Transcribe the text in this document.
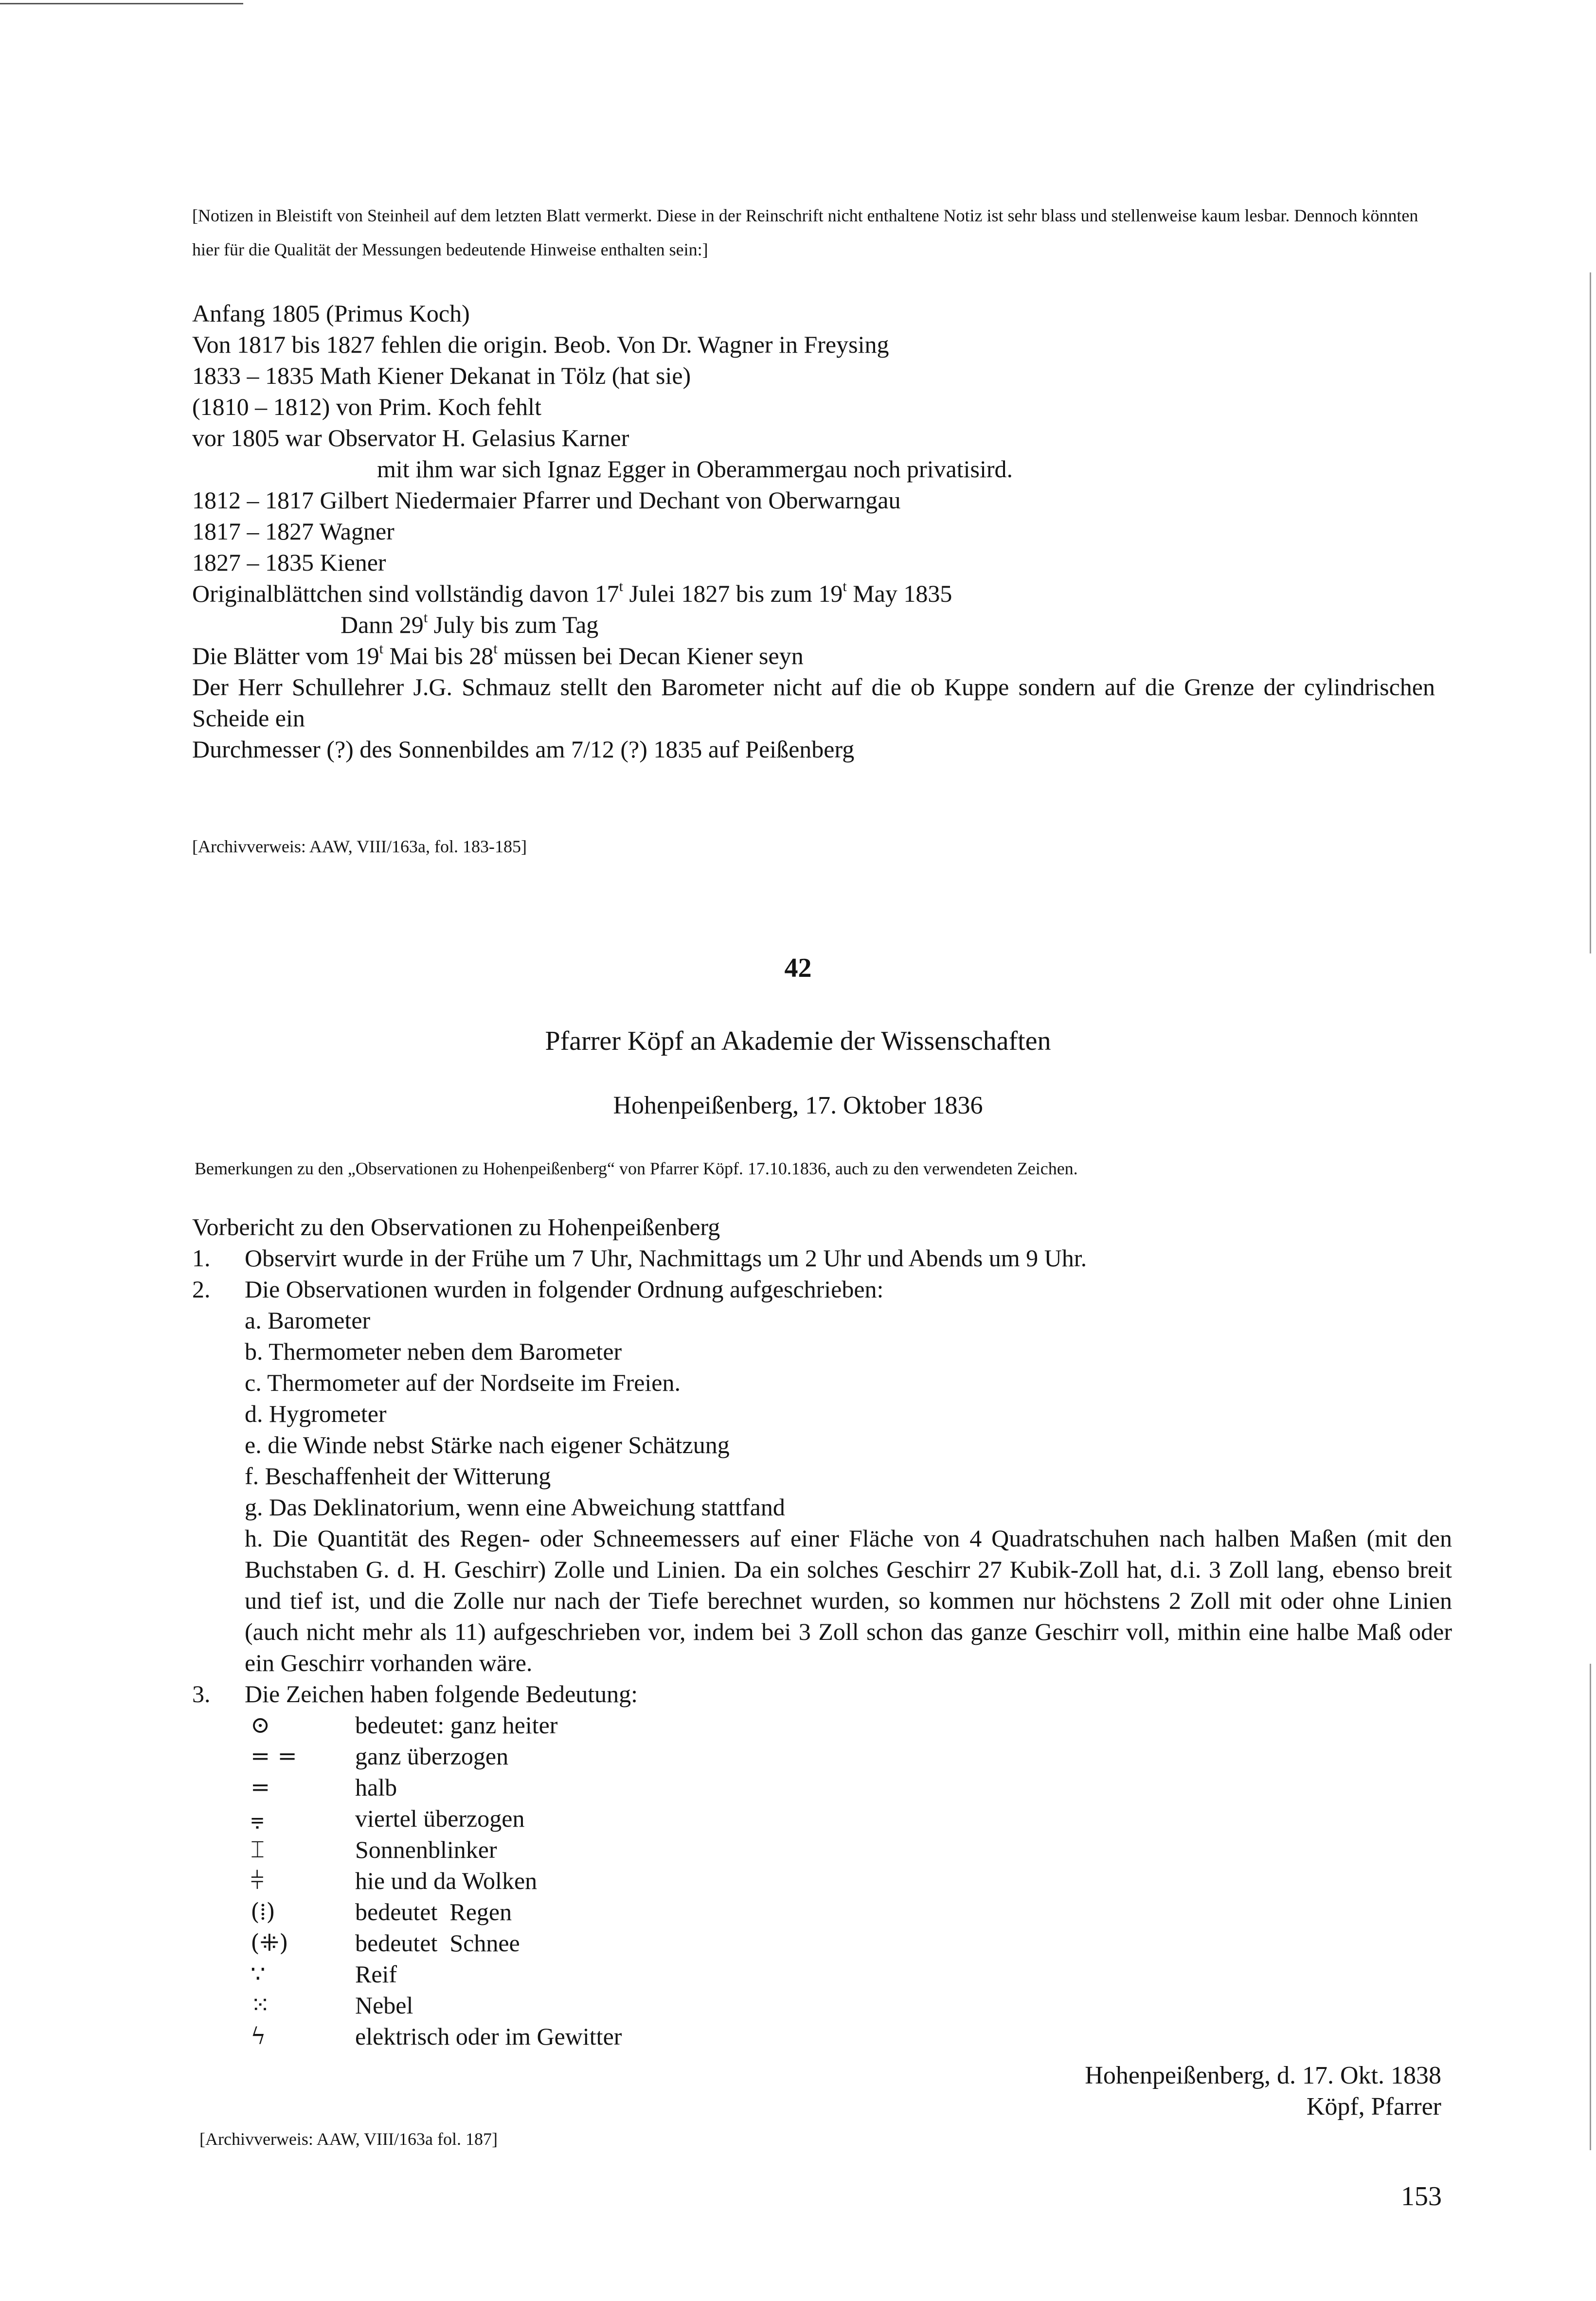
[Notizen in Bleistift von Steinheil auf dem letzten Blatt vermerkt. Diese in der Reinschrift nicht enthaltene Notiz ist sehr blass und stellenweise kaum lesbar. Dennoch könnten hier für die Qualität der Messungen bedeutende Hinweise enthalten sein:]
Anfang 1805 (Primus Koch)
Von 1817 bis 1827 fehlen die origin. Beob. Von Dr. Wagner in Freysing
1833 – 1835 Math Kiener Dekanat in Tölz (hat sie)
(1810 – 1812) von Prim. Koch fehlt
vor 1805 war Observator H. Gelasius Karner
mit ihm war sich Ignaz Egger in Oberammergau noch privatisird.
1812 – 1817 Gilbert Niedermaier Pfarrer und Dechant von Oberwarngau
1817 – 1827 Wagner
1827 – 1835 Kiener
Originalblättchen sind vollständig davon 17$^t$ Julei 1827 bis zum 19$^t$ May 1835
Dann 29$^t$ July bis zum Tag
Die Blätter vom 19$^t$ Mai bis 28$^t$ müssen bei Decan Kiener seyn
Der Herr Schullehrer J.G. Schmauz stellt den Barometer nicht auf die ob Kuppe sondern auf die Grenze der cylindrischen Scheide ein
Durchmesser (?) des Sonnenbildes am 7/12 (?) 1835 auf Peißenberg
[Archivverweis: AAW, VIII/163a, fol. 183-185]
42
Pfarrer Köpf an Akademie der Wissenschaften
Hohenpeißenberg, 17. Oktober 1836
Bemerkungen zu den „Observationen zu Hohenpeißenberg“ von Pfarrer Köpf. 17.10.1836, auch zu den verwendeten Zeichen.
Vorbericht zu den Observationen zu Hohenpeißenberg
1.	Observirt wurde in der Frühe um 7 Uhr, Nachmittags um 2 Uhr und Abends um 9 Uhr.
2.	Die Observationen wurden in folgender Ordnung aufgeschrieben:
a. Barometer
b. Thermometer neben dem Barometer
c. Thermometer auf der Nordseite im Freien.
d. Hygrometer
e. die Winde nebst Stärke nach eigener Schätzung
f. Beschaffenheit der Witterung
g. Das Deklinatorium, wenn eine Abweichung stattfand
h. Die Quantität des Regen- oder Schneemessers auf einer Fläche von 4 Quadratschuhen nach halben Maßen (mit den Buchstaben G. d. H. Geschirr) Zolle und Linien. Da ein solches Geschirr 27 Kubik-Zoll hat, d.i. 3 Zoll lang, ebenso breit und tief ist, und die Zolle nur nach der Tiefe berechnet wurden, so kommen nur höchstens 2 Zoll mit oder ohne Linien (auch nicht mehr als 11) aufgeschrieben vor, indem bei 3 Zoll schon das ganze Geschirr voll, mithin eine halbe Maß oder ein Geschirr vorhanden wäre.
3.	Die Zeichen haben folgende Bedeutung:
⊙	bedeutet: ganz heiter
= =	ganz überzogen
=	halb
⩦	viertel überzogen
⌶	Sonnenblinker
⫩	hie und da Wolken
(⁞)	bedeutet  Regen
(⁜)	bedeutet  Schnee
∵	Reif
⁙	Nebel
ϟ	elektrisch oder im Gewitter
Hohenpeißenberg, d. 17. Okt. 1838
Köpf, Pfarrer
[Archivverweis: AAW, VIII/163a fol. 187]
153
